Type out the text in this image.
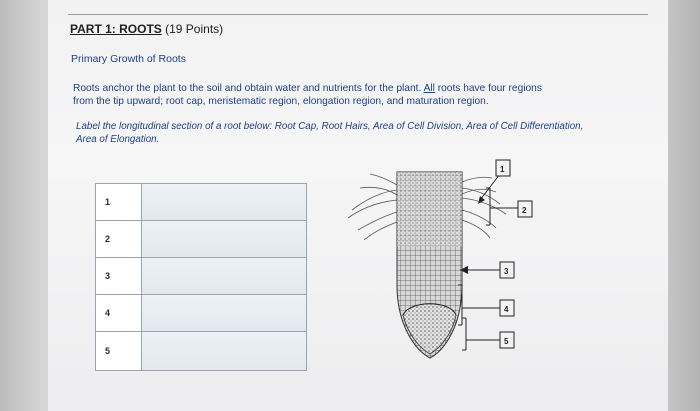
PART 1: ROOTS (19 Points)
Primary Growth of Roots
Roots anchor the plant to the soil and obtain water and nutrients for the plant. All roots have four regions
from the tip upward; root cap, meristematic region, elongation region, and maturation region.
Label the longitudinal section of a root below: Root Cap, Root Hairs, Area of Cell Division, Area of Cell Differentiation, Area of Elongation.
1
2
3
4
5
1
2
3
4
5
